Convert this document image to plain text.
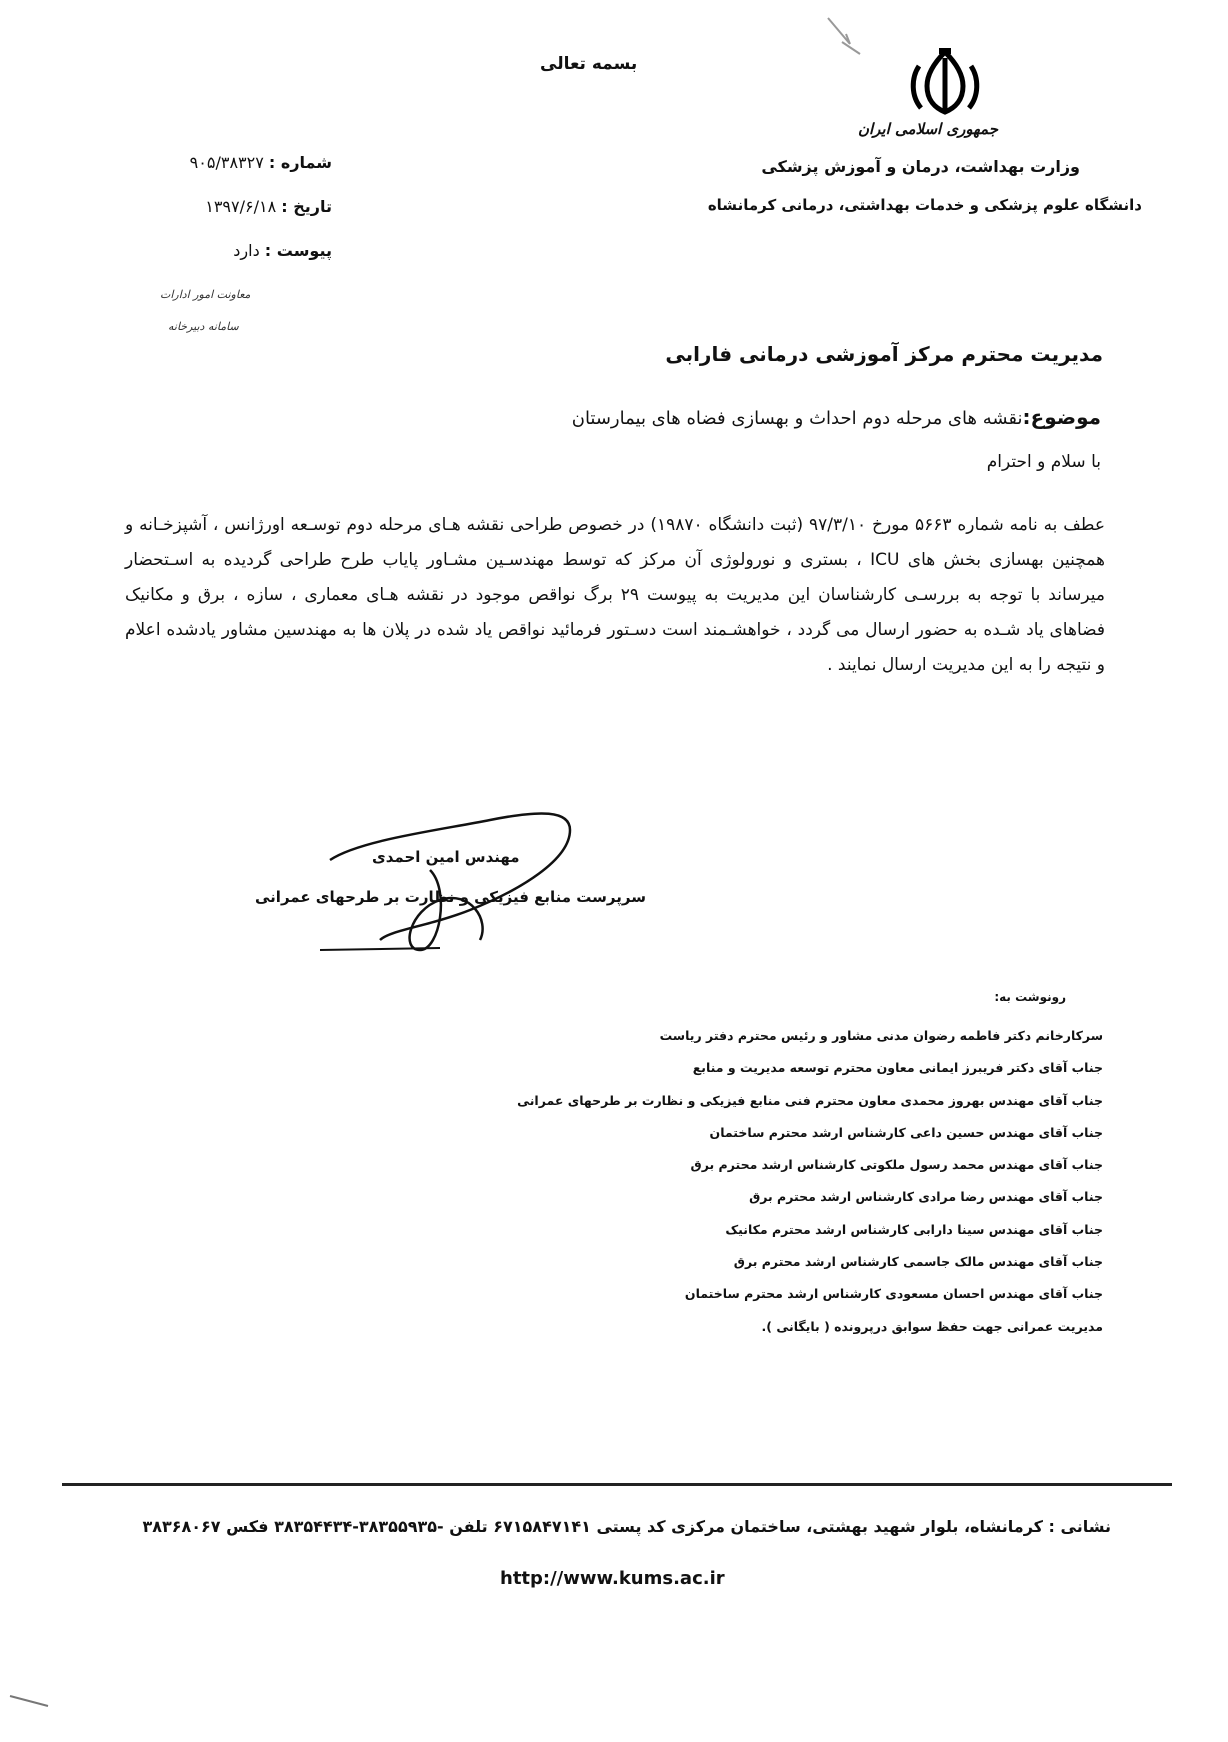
بسمه تعالی
جمهوری اسلامی ایران
وزارت بهداشت، درمان و آموزش پزشکی
دانشگاه علوم پزشکی و خدمات بهداشتی، درمانی کرمانشاه
شماره : ۹۰۵/۳۸۳۲۷
تاریخ : ۱۳۹۷/۶/۱۸
پیوست : دارد
معاونت امور ادارات
سامانه دبیرخانه
مدیریت محترم مرکز آموزشی درمانی فارابی
موضوع:نقشه های مرحله دوم احداث و بهسازی فضاه های بیمارستان
با سلام و احترام
عطف به نامه شماره ۵۶۶۳ مورخ ۹۷/۳/۱۰ (ثبت دانشگاه ۱۹۸۷۰) در خصوص طراحی نقشه هـای مرحله دوم توسـعه اورژانس ، آشپزخـانه و همچنین بهسازی بخش های ICU ، بستری و نورولوژی آن مرکز که توسط مهندسـین مشـاور پایاب طرح طراحی گردیده به اسـتحضار میرساند با توجه به بررسـی کارشناسان این مدیریت به پیوست ۲۹ برگ نواقص موجود در نقشه هـای معماری ، سازه ، برق و مکانیک فضاهای یاد شـده به حضور ارسال می گردد ، خواهشـمند است دسـتور فرمائید نواقص یاد شده در پلان ها به مهندسین مشاور یادشده اعلام و نتیجه را به این مدیریت ارسال نمایند .
مهندس امین احمدی
سرپرست منابع فیزیکی و نظارت بر طرحهای عمرانی
رونوشت به:
سرکارخانم دکتر فاطمه رضوان مدنی مشاور و رئیس محترم دفتر ریاست
جناب آقای دکتر فریبرز ایمانی معاون محترم توسعه مدیریت و منابع
جناب آقای مهندس بهروز محمدی معاون محترم فنی منابع فیزیکی و نظارت بر طرحهای عمرانی
جناب آقای مهندس حسین داعی کارشناس ارشد محترم ساختمان
جناب آقای مهندس محمد رسول ملکوتی کارشناس ارشد محترم برق
جناب آقای مهندس رضا مرادی کارشناس ارشد محترم برق
جناب آقای مهندس سینا دارابی کارشناس ارشد محترم مکانیک
جناب آقای مهندس مالک جاسمی کارشناس ارشد محترم برق
جناب آقای مهندس احسان مسعودی کارشناس ارشد محترم ساختمان
مدیریت عمرانی جهت حفظ سوابق درپرونده ( بایگانی ).
نشانی : کرمانشاه، بلوار شهید بهشتی، ساختمان مرکزی کد پستی ۶۷۱۵۸۴۷۱۴۱ تلفن -۳۸۳۵۵۹۳۵-۳۸۳۵۴۴۳۴ فکس ۳۸۳۶۸۰۶۷
http://www.kums.ac.ir
